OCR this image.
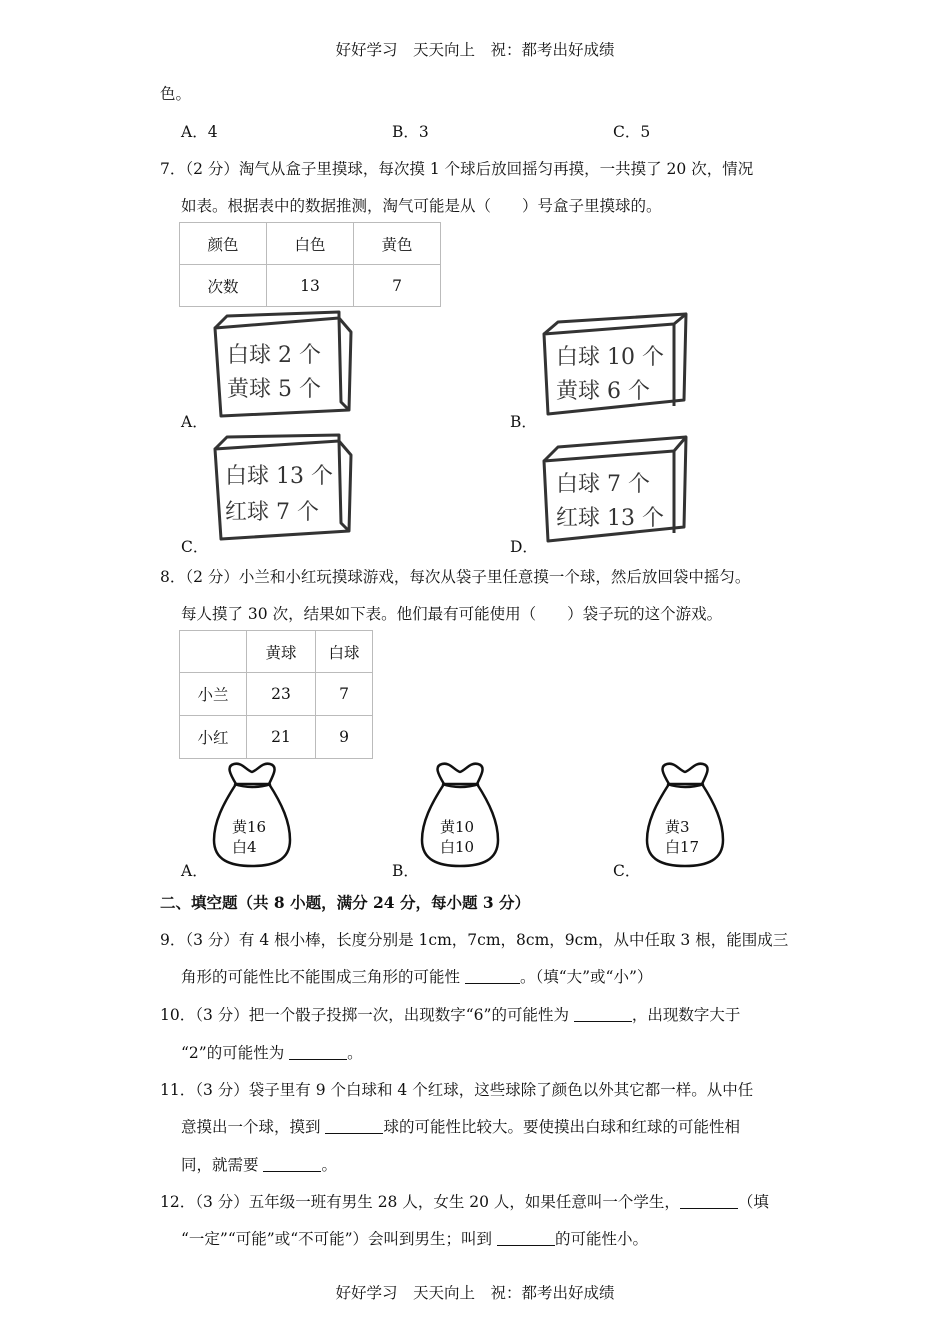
好好学习　天天向上　祝：都考出好成绩
好好学习　天天向上　祝：都考出好成绩
色。
A．4	B．3	C．5
7．（2 分）淘气从盒子里摸球，每次摸 1 个球后放回摇匀再摸，一共摸了 20 次，情况
如表。根据表中的数据推测，淘气可能是从（　　）号盒子里摸球的。
颜色	白色	黄色
次数	13	7
白球 2 个
黄球 5 个
A．
白球 10 个
黄球 6 个
B．
白球 13 个
红球 7 个
C．
白球 7 个
红球 13 个
D．
8．（2 分）小兰和小红玩摸球游戏，每次从袋子里任意摸一个球，然后放回袋中摇匀。
每人摸了 30 次，结果如下表。他们最有可能使用（　　）袋子玩的这个游戏。
	黄球	白球
小兰	23	7
小红	21	9
黄16
白4
A．
黄10
白10
B．
黄3
白17
C．
二、填空题（共 8 小题，满分 24 分，每小题 3 分）
9．（3 分）有 4 根小棒，长度分别是 1cm，7cm，8cm，9cm，从中任取 3 根，能围成三
角形的可能性比不能围成三角形的可能性	。（填“大”或“小”）
10．（3 分）把一个骰子投掷一次，出现数字“6”的可能性为	，出现数字大于
“2”的可能性为	。
11．（3 分）袋子里有 9 个白球和 4 个红球，这些球除了颜色以外其它都一样。从中任
意摸出一个球，摸到	球的可能性比较大。要使摸出白球和红球的可能性相
同，就需要	。
12．（3 分）五年级一班有男生 28 人，女生 20 人，如果任意叫一个学生，	（填
“一定”“可能”或“不可能”）会叫到男生；叫到	的可能性小。
